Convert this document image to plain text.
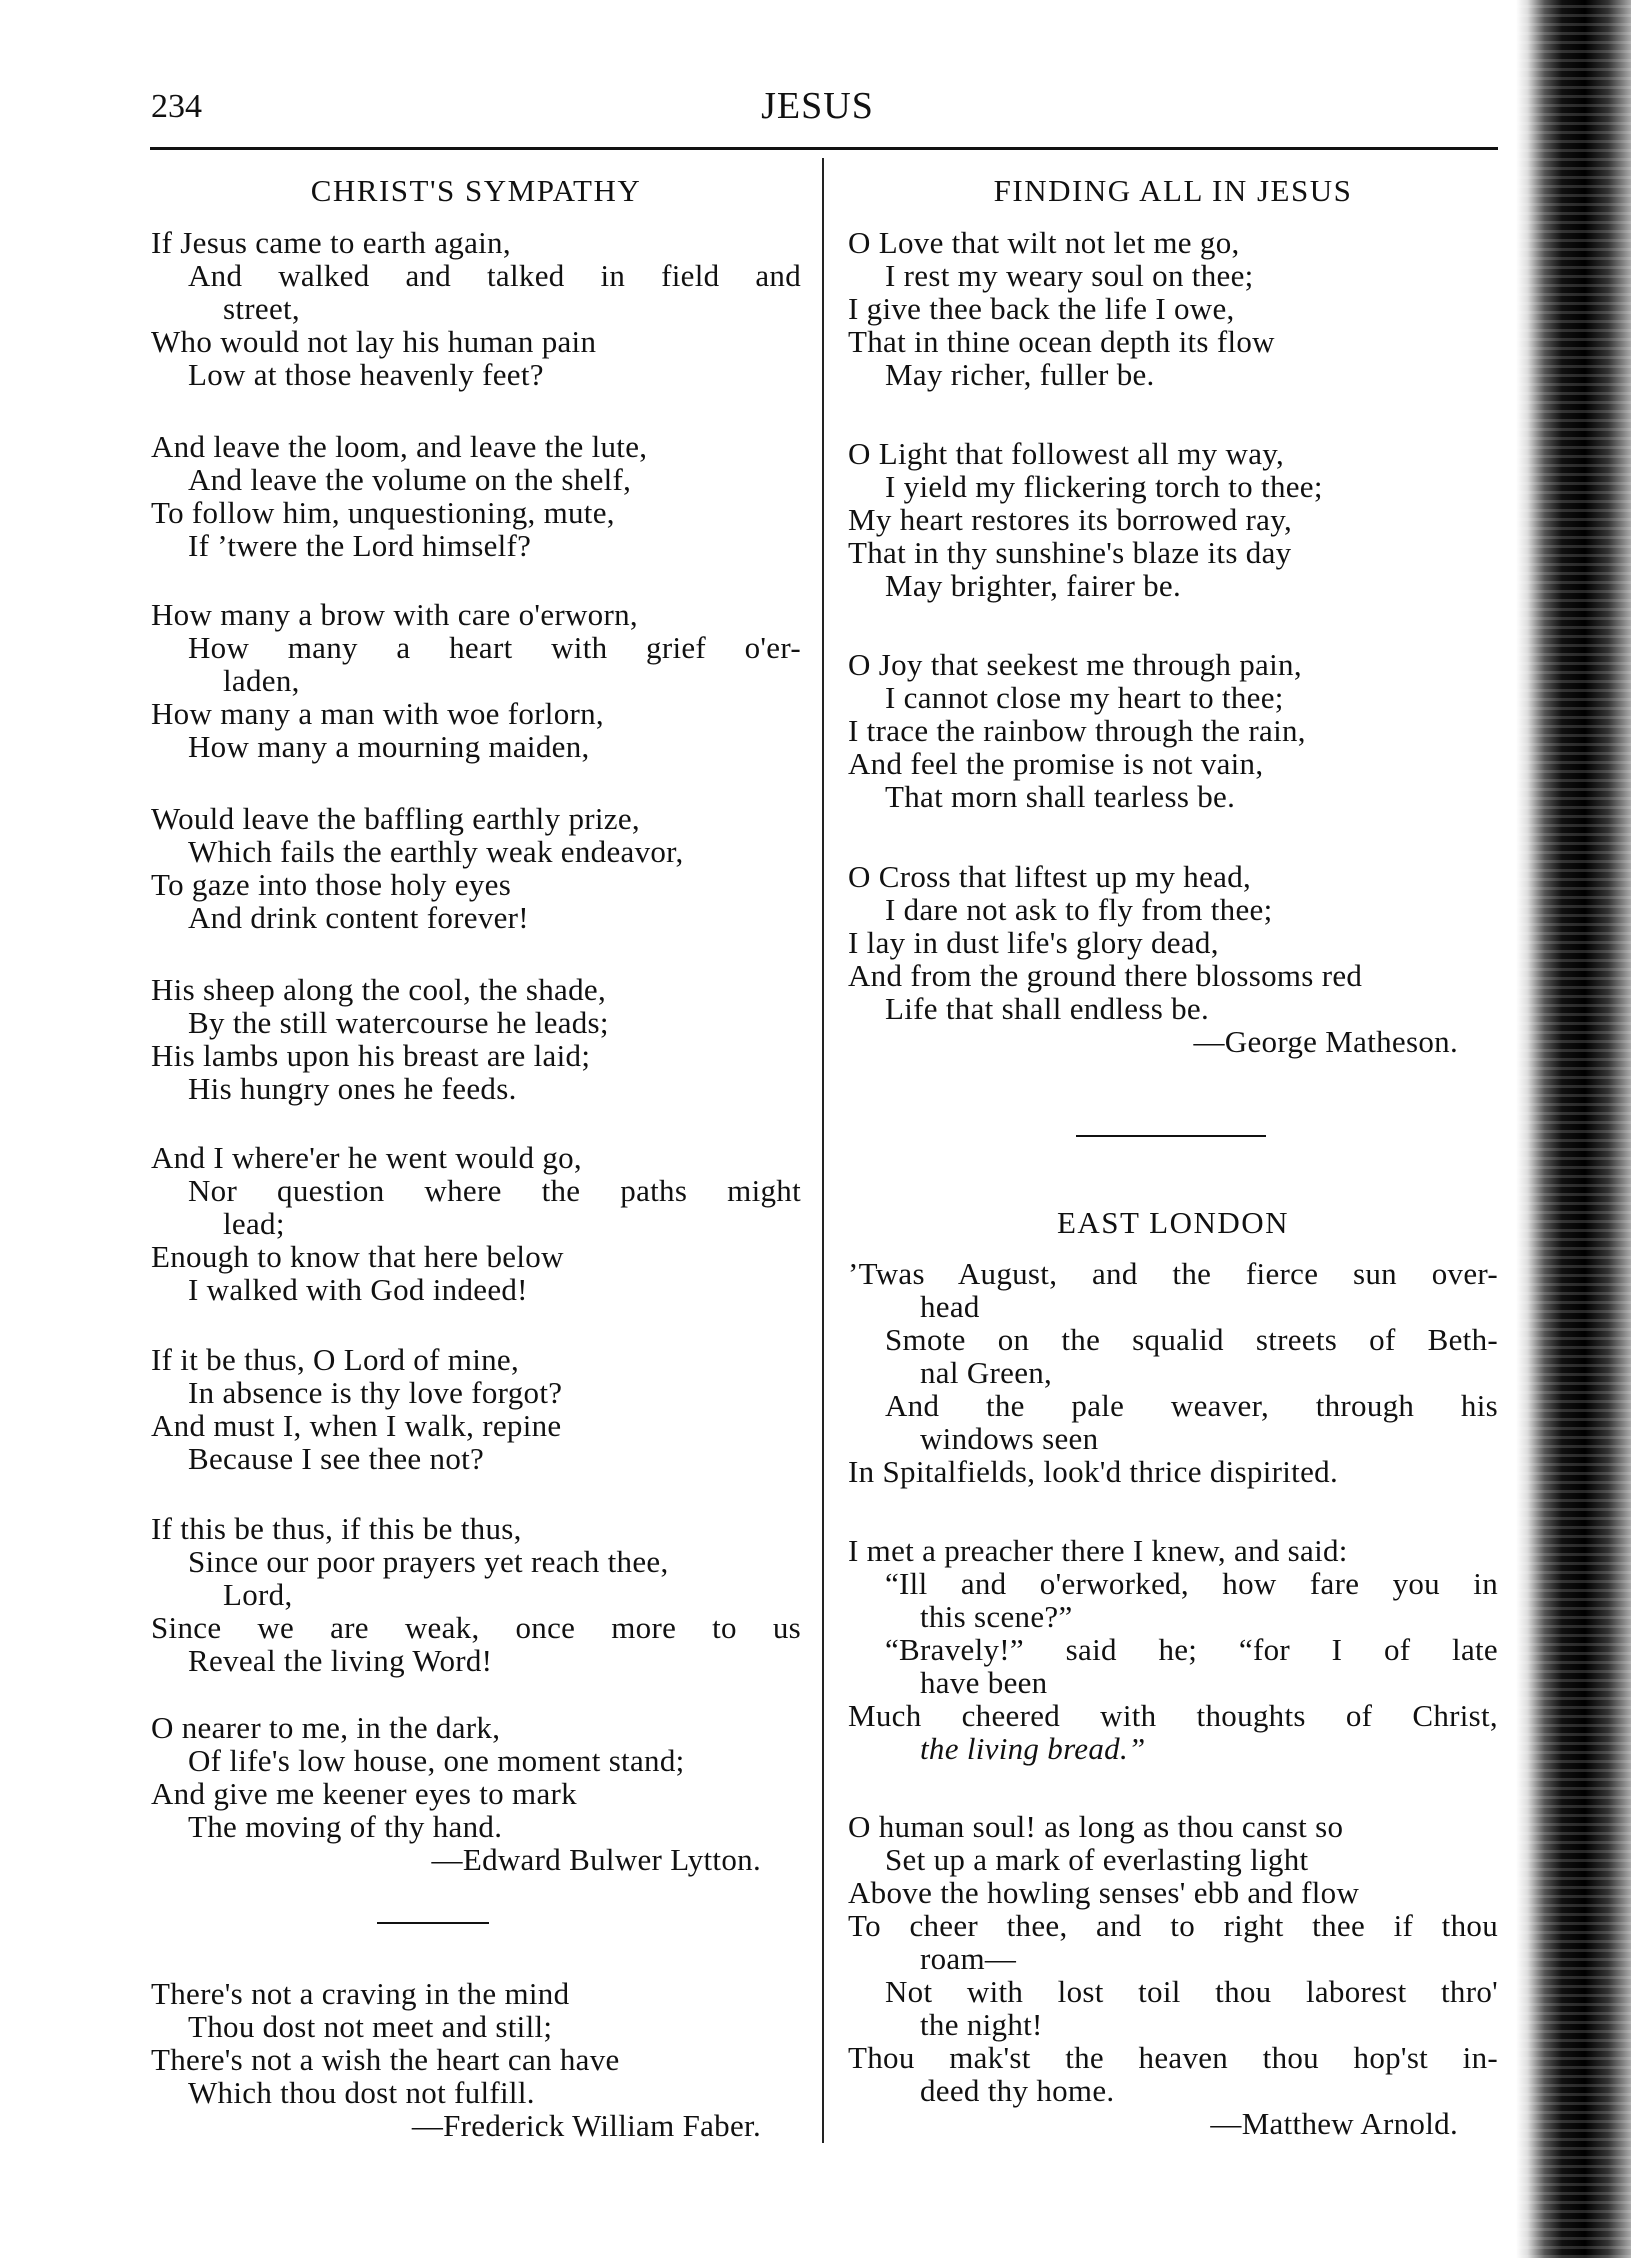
234	JESUS
CHRIST'S SYMPATHY
If Jesus came to earth again,
And walked and talked in field and
street,
Who would not lay his human pain
Low at those heavenly feet?
And leave the loom, and leave the lute,
And leave the volume on the shelf,
To follow him, unquestioning, mute,
If ’twere the Lord himself?
How many a brow with care o'erworn,
How many a heart with grief o'er-
laden,
How many a man with woe forlorn,
How many a mourning maiden,
Would leave the baffling earthly prize,
Which fails the earthly weak endeavor,
To gaze into those holy eyes
And drink content forever!
His sheep along the cool, the shade,
By the still watercourse he leads;
His lambs upon his breast are laid;
His hungry ones he feeds.
And I where'er he went would go,
Nor question where the paths might
lead;
Enough to know that here below
I walked with God indeed!
If it be thus, O Lord of mine,
In absence is thy love forgot?
And must I, when I walk, repine
Because I see thee not?
If this be thus, if this be thus,
Since our poor prayers yet reach thee,
Lord,
Since we are weak, once more to us
Reveal the living Word!
O nearer to me, in the dark,
Of life's low house, one moment stand;
And give me keener eyes to mark
The moving of thy hand.
—Edward Bulwer Lytton.
There's not a craving in the mind
Thou dost not meet and still;
There's not a wish the heart can have
Which thou dost not fulfill.
—Frederick William Faber.
FINDING ALL IN JESUS
O Love that wilt not let me go,
I rest my weary soul on thee;
I give thee back the life I owe,
That in thine ocean depth its flow
May richer, fuller be.
O Light that followest all my way,
I yield my flickering torch to thee;
My heart restores its borrowed ray,
That in thy sunshine's blaze its day
May brighter, fairer be.
O Joy that seekest me through pain,
I cannot close my heart to thee;
I trace the rainbow through the rain,
And feel the promise is not vain,
That morn shall tearless be.
O Cross that liftest up my head,
I dare not ask to fly from thee;
I lay in dust life's glory dead,
And from the ground there blossoms red
Life that shall endless be.
—George Matheson.
EAST LONDON
’Twas August, and the fierce sun over-
head
Smote on the squalid streets of Beth-
nal Green,
And the pale weaver, through his
windows seen
In Spitalfields, look'd thrice dispirited.
I met a preacher there I knew, and said:
“Ill and o'erworked, how fare you in
this scene?”
“Bravely!” said he; “for I of late
have been
Much cheered with thoughts of Christ,
the living bread.”
O human soul! as long as thou canst so
Set up a mark of everlasting light
Above the howling senses' ebb and flow
To cheer thee, and to right thee if thou
roam—
Not with lost toil thou laborest thro'
the night!
Thou mak'st the heaven thou hop'st in-
deed thy home.
—Matthew Arnold.
